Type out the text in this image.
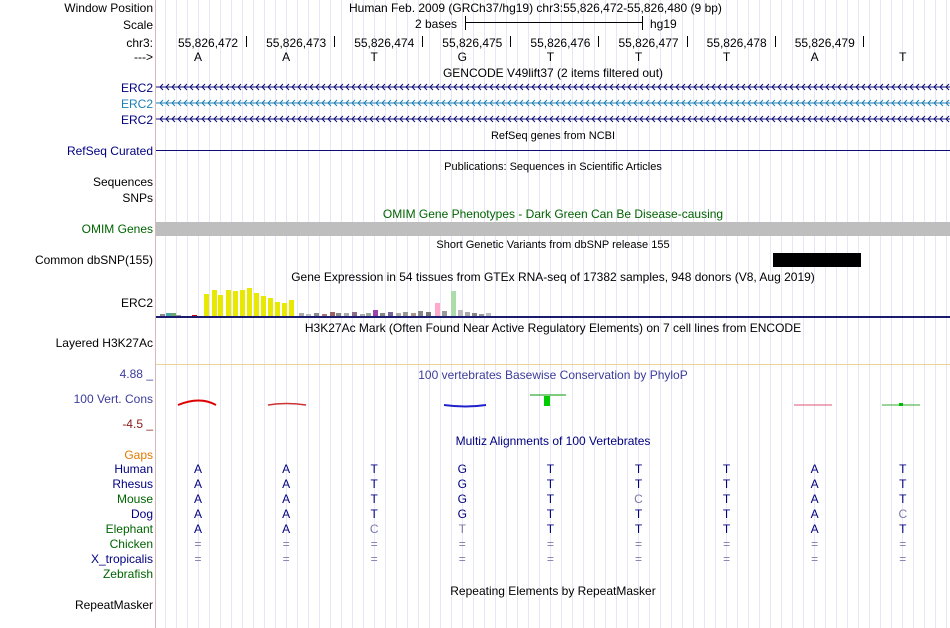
Window Position	Human Feb. 2009 (GRCh37/hg19) chr3:55,826,472-55,826,480 (9 bp)
Scale	2 bases	hg19
chr3: 55,826,472 55,826,473 55,826,474 55,826,475 55,826,476 55,826,477 55,826,478 55,826,479
--->	A	A	T	G	T	T	T	A	T
GENCODE V49lift37 (2 items filtered out)
ERC2
ERC2
ERC2
RefSeq genes from NCBI
RefSeq Curated
Publications: Sequences in Scientific Articles
Sequences
SNPs
OMIM Gene Phenotypes - Dark Green Can Be Disease-causing
OMIM Genes
Short Genetic Variants from dbSNP release 155
Common dbSNP(155)
Gene Expression in 54 tissues from GTEx RNA-seq of 17382 samples, 948 donors (V8, Aug 2019)
ERC2
H3K27Ac Mark (Often Found Near Active Regulatory Elements) on 7 cell lines from ENCODE
Layered H3K27Ac
4.88 _	100 vertebrates Basewise Conservation by PhyloP
100 Vert. Cons
-4.5 _
Multiz Alignments of 100 Vertebrates
Gaps
Human	A	A	T	G	T	T	T	A	T
Rhesus	A	A	T	G	T	T	T	A	T
Mouse	A	A	T	G	T	C	T	A	T
Dog	A	A	T	G	T	T	T	A	C
Elephant	A	A	C	T	T	T	T	A	T
Chicken	=	=	=	=	=	=	=	=	=
X_tropicalis	=	=	=	=	=	=	=	=	=
Zebrafish
Repeating Elements by RepeatMasker
RepeatMasker
